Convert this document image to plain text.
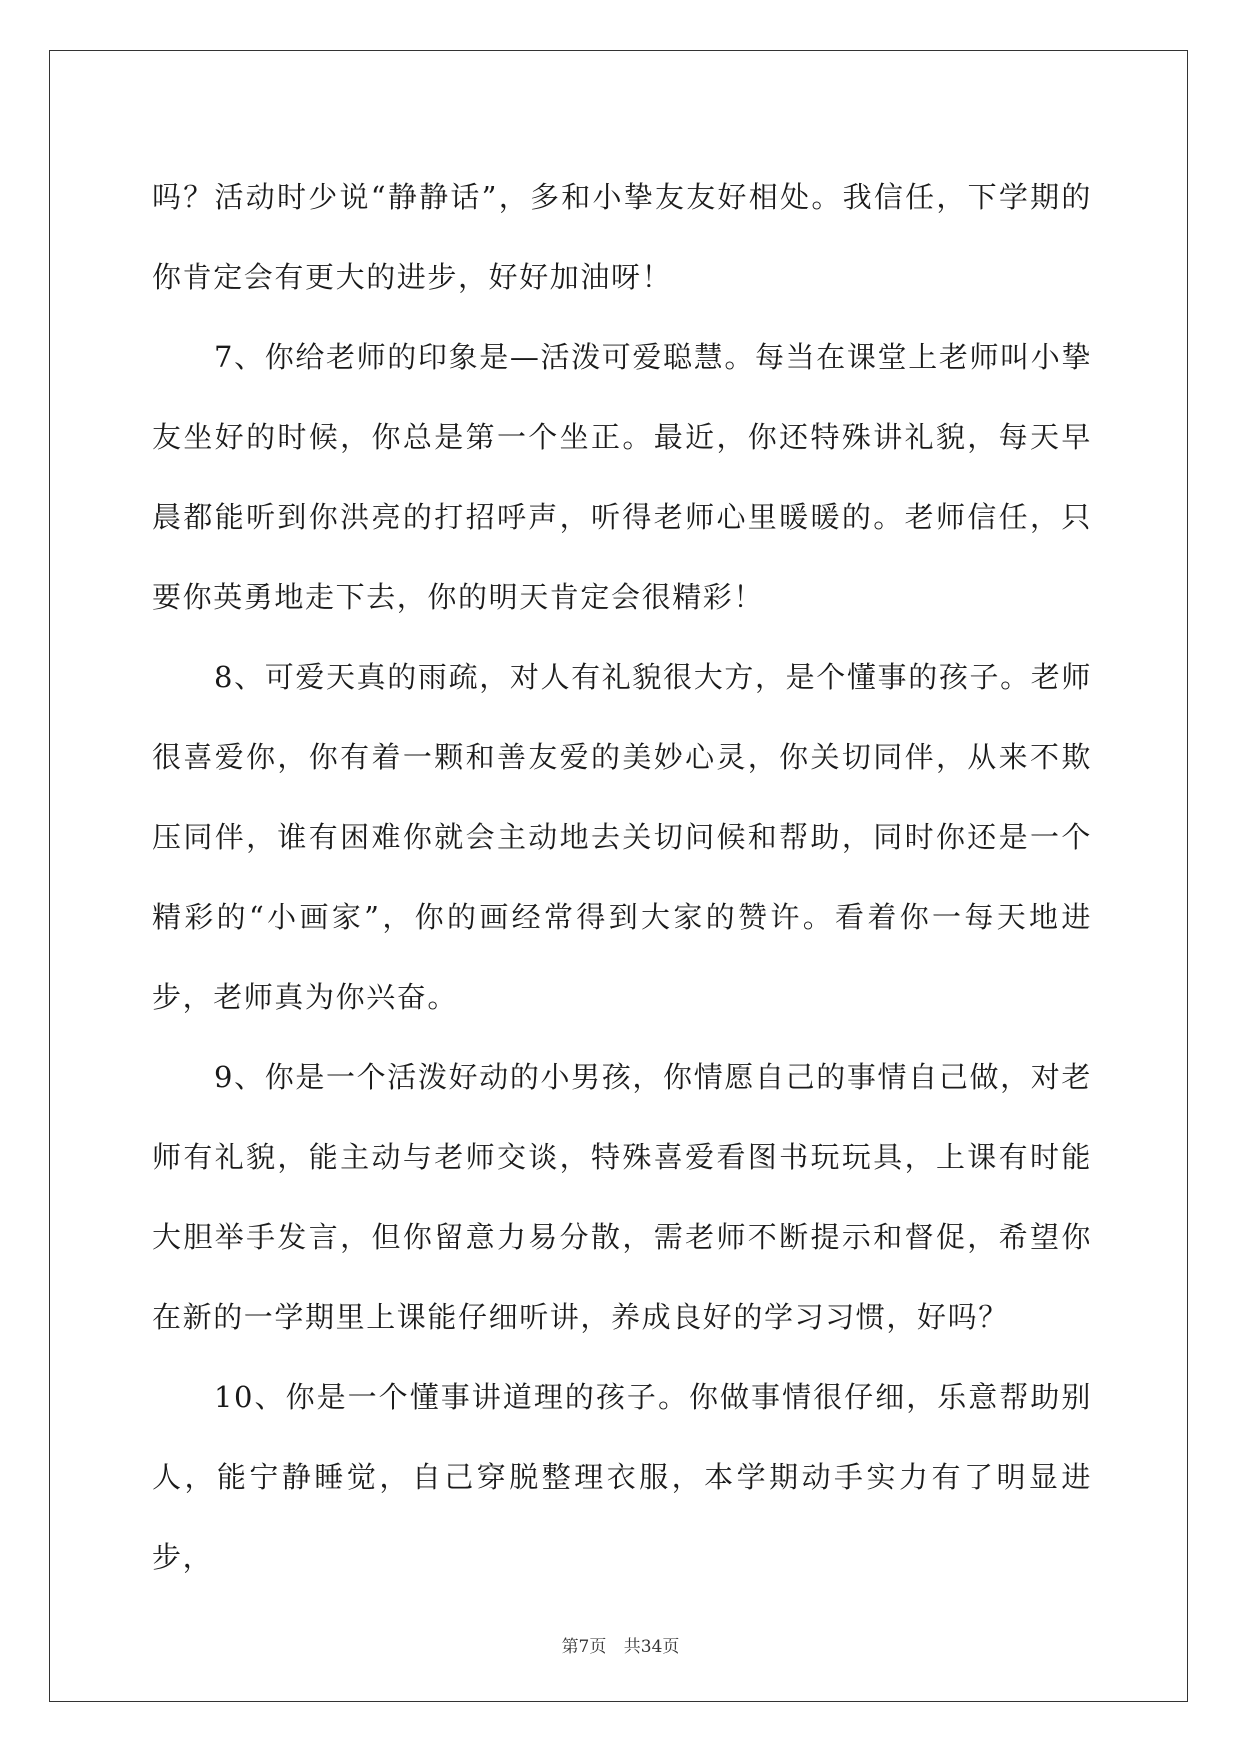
吗？活动时少说“静静话”，多和小挚友友好相处。我信任，下学期的你肯定会有更大的进步，好好加油呀！

7、你给老师的印象是—活泼可爱聪慧。每当在课堂上老师叫小挚友坐好的时候，你总是第一个坐正。最近，你还特殊讲礼貌，每天早晨都能听到你洪亮的打招呼声，听得老师心里暖暖的。老师信任，只要你英勇地走下去，你的明天肯定会很精彩！

8、可爱天真的雨疏，对人有礼貌很大方，是个懂事的孩子。老师很喜爱你，你有着一颗和善友爱的美妙心灵，你关切同伴，从来不欺压同伴，谁有困难你就会主动地去关切问候和帮助，同时你还是一个精彩的“小画家”，你的画经常得到大家的赞许。看着你一每天地进步，老师真为你兴奋。

9、你是一个活泼好动的小男孩，你情愿自己的事情自己做，对老师有礼貌，能主动与老师交谈，特殊喜爱看图书玩玩具，上课有时能大胆举手发言，但你留意力易分散，需老师不断提示和督促，希望你在新的一学期里上课能仔细听讲，养成良好的学习习惯，好吗？

10、你是一个懂事讲道理的孩子。你做事情很仔细，乐意帮助别人，能宁静睡觉，自己穿脱整理衣服，本学期动手实力有了明显进步，

第7页 共34页
